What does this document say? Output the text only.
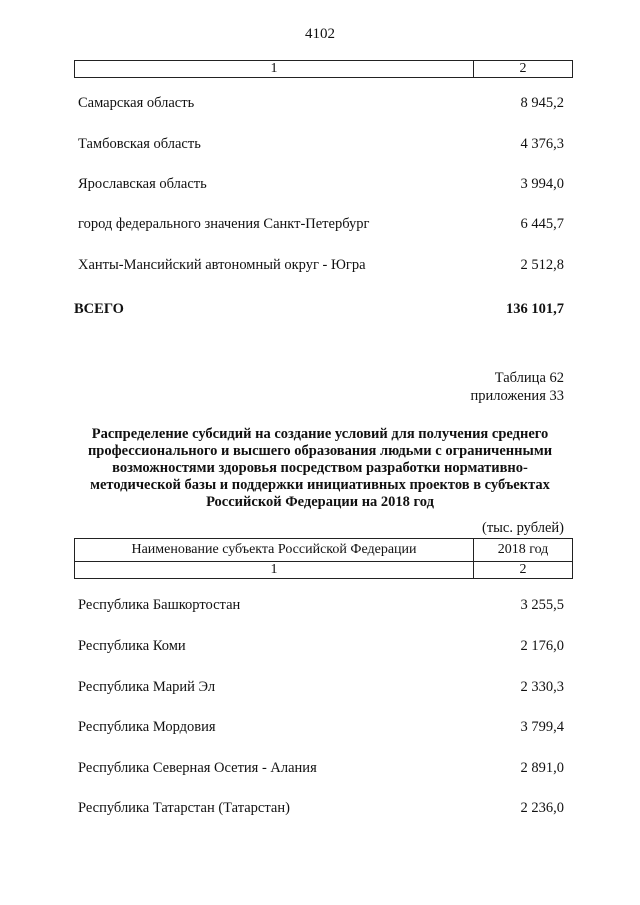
4102
1	2
Самарская область	8 945,2
Тамбовская область	4 376,3
Ярославская область	3 994,0
город федерального значения Санкт-Петербург	6 445,7
Ханты-Мансийский автономный округ - Югра	2 512,8
ВСЕГО	136 101,7
Таблица 62
приложения 33
Распределение субсидий на создание условий для получения среднего
профессионального и высшего образования людьми с ограниченными
возможностями здоровья посредством разработки нормативно-
методической базы и поддержки инициативных проектов в субъектах
Российской Федерации на 2018 год
(тыс. рублей)
Наименование субъекта Российской Федерации	2018 год
1	2
Республика Башкортостан	3 255,5
Республика Коми	2 176,0
Республика Марий Эл	2 330,3
Республика Мордовия	3 799,4
Республика Северная Осетия - Алания	2 891,0
Республика Татарстан (Татарстан)	2 236,0
